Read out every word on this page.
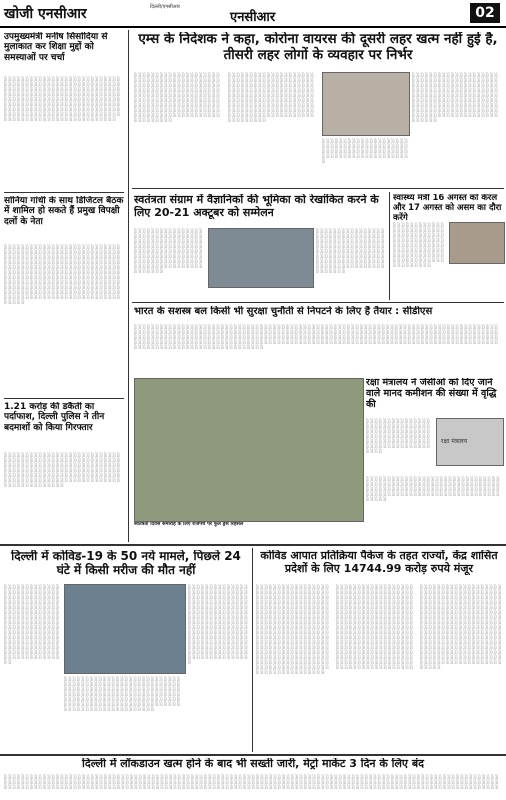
खोजी एनसीआर	दिल्ली/एनसीआर
एनसीआर	02
उपमुख्यमंत्री मनीष सिसोदिया से मुलाकात कर शिक्षा मुद्दों को समस्याओं पर चर्चा
░ ░ ░ ░ ░ ░ ░ ░ ░ ░ ░ ░ ░ ░ ░ ░ ░ ░ ░ ░ ░ ░ ░ ░ ░ ░ ░ ░ ░ ░ ░ ░ ░ ░ ░ ░ ░ ░ ░ ░ ░ ░ ░ ░ ░ ░ ░ ░ ░ ░ ░ ░ ░ ░ ░ ░ ░ ░ ░ ░ ░ ░ ░ ░ ░ ░ ░ ░ ░ ░ ░ ░ ░ ░ ░ ░ ░ ░ ░ ░ ░ ░ ░ ░ ░ ░ ░ ░ ░ ░ ░ ░ ░ ░ ░ ░ ░ ░ ░ ░ ░ ░ ░ ░ ░ ░ ░ ░ ░ ░ ░ ░ ░ ░ ░ ░ ░ ░ ░ ░ ░ ░ ░ ░ ░ ░ ░ ░ ░ ░ ░ ░ ░ ░ ░ ░ ░ ░ ░ ░ ░ ░ ░ ░ ░ ░ ░ ░ ░ ░ ░ ░ ░ ░ ░ ░ ░ ░ ░ ░ ░ ░ ░ ░ ░ ░ ░ ░ ░ ░ ░ ░ ░ ░ ░ ░ ░ ░ ░ ░ ░ ░ ░ ░ ░ ░ ░ ░ ░ ░ ░ ░ ░ ░ ░ ░ ░ ░ ░ ░ ░ ░ ░ ░ ░ ░ ░ ░ ░ ░ ░ ░ ░ ░ ░ ░ ░ ░ ░ ░ ░ ░ ░ ░ ░ ░ ░ ░ ░ ░ ░ ░ ░ ░ ░ ░ ░ ░ ░ ░ ░ ░
सोनिया गांधी के साथ डिजिटल बैठक में शामिल हो सकते हैं प्रमुख विपक्षी दलों के नेता
░ ░ ░ ░ ░ ░ ░ ░ ░ ░ ░ ░ ░ ░ ░ ░ ░ ░ ░ ░ ░ ░ ░ ░ ░ ░ ░ ░ ░ ░ ░ ░ ░ ░ ░ ░ ░ ░ ░ ░ ░ ░ ░ ░ ░ ░ ░ ░ ░ ░ ░ ░ ░ ░ ░ ░ ░ ░ ░ ░ ░ ░ ░ ░ ░ ░ ░ ░ ░ ░ ░ ░ ░ ░ ░ ░ ░ ░ ░ ░ ░ ░ ░ ░ ░ ░ ░ ░ ░ ░ ░ ░ ░ ░ ░ ░ ░ ░ ░ ░ ░ ░ ░ ░ ░ ░ ░ ░ ░ ░ ░ ░ ░ ░ ░ ░ ░ ░ ░ ░ ░ ░ ░ ░ ░ ░ ░ ░ ░ ░ ░ ░ ░ ░ ░ ░ ░ ░ ░ ░ ░ ░ ░ ░ ░ ░ ░ ░ ░ ░ ░ ░ ░ ░ ░ ░ ░ ░ ░ ░ ░ ░ ░ ░ ░ ░ ░ ░ ░ ░ ░ ░ ░ ░ ░ ░ ░ ░ ░ ░ ░ ░ ░ ░ ░ ░ ░ ░ ░ ░ ░ ░ ░ ░ ░ ░ ░ ░ ░ ░ ░ ░ ░ ░ ░ ░ ░ ░ ░ ░ ░ ░ ░ ░ ░ ░ ░ ░ ░ ░ ░ ░ ░ ░ ░ ░ ░ ░ ░ ░ ░ ░ ░ ░ ░ ░ ░ ░ ░ ░ ░ ░ ░ ░ ░ ░ ░ ░ ░ ░ ░ ░ ░ ░ ░ ░ ░ ░ ░ ░ ░ ░ ░ ░ ░ ░ ░ ░ ░ ░ ░ ░ ░ ░ ░ ░ ░ ░ ░ ░ ░ ░ ░ ░ ░ ░ ░ ░ ░ ░ ░ ░ ░ ░ ░ ░ ░ ░ ░ ░ ░ ░
1.21 करोड़ की डकैती का पर्दाफाश, दिल्ली पुलिस ने तीन बदमाशों को किया गिरफ्तार
░ ░ ░ ░ ░ ░ ░ ░ ░ ░ ░ ░ ░ ░ ░ ░ ░ ░ ░ ░ ░ ░ ░ ░ ░ ░ ░ ░ ░ ░ ░ ░ ░ ░ ░ ░ ░ ░ ░ ░ ░ ░ ░ ░ ░ ░ ░ ░ ░ ░ ░ ░ ░ ░ ░ ░ ░ ░ ░ ░ ░ ░ ░ ░ ░ ░ ░ ░ ░ ░ ░ ░ ░ ░ ░ ░ ░ ░ ░ ░ ░ ░ ░ ░ ░ ░ ░ ░ ░ ░ ░ ░ ░ ░ ░ ░ ░ ░ ░ ░ ░ ░ ░ ░ ░ ░ ░ ░ ░ ░ ░ ░ ░ ░ ░ ░ ░ ░ ░ ░ ░ ░ ░ ░ ░ ░ ░ ░ ░ ░ ░ ░ ░ ░ ░ ░ ░ ░ ░ ░ ░ ░ ░ ░ ░ ░ ░ ░ ░ ░ ░ ░ ░ ░ ░ ░ ░ ░ ░ ░ ░ ░ ░ ░ ░ ░ ░ ░ ░ ░ ░ ░ ░ ░ ░ ░
एम्स के निदेशक ने कहा, कोरोना वायरस की दूसरी लहर खत्म नहीं हुई है, तीसरी लहर लोगों के व्यवहार पर निर्भर
░ ░ ░ ░ ░ ░ ░ ░ ░ ░ ░ ░ ░ ░ ░ ░ ░ ░ ░ ░ ░ ░ ░ ░ ░ ░ ░ ░ ░ ░ ░ ░ ░ ░ ░ ░ ░ ░ ░ ░ ░ ░ ░ ░ ░ ░ ░ ░ ░ ░ ░ ░ ░ ░ ░ ░ ░ ░ ░ ░ ░ ░ ░ ░ ░ ░ ░ ░ ░ ░ ░ ░ ░ ░ ░ ░ ░ ░ ░ ░ ░ ░ ░ ░ ░ ░ ░ ░ ░ ░ ░ ░ ░ ░ ░ ░ ░ ░ ░ ░ ░ ░ ░ ░ ░ ░ ░ ░ ░ ░ ░ ░ ░ ░ ░ ░ ░ ░ ░ ░ ░ ░ ░ ░ ░ ░ ░ ░ ░ ░ ░ ░ ░ ░ ░ ░ ░ ░ ░ ░ ░ ░ ░ ░ ░ ░ ░ ░ ░ ░ ░ ░ ░ ░ ░ ░ ░ ░ ░ ░ ░ ░ ░ ░ ░ ░ ░ ░ ░ ░ ░ ░ ░ ░ ░ ░ ░ ░ ░ ░ ░ ░ ░ ░ ░ ░ ░ ░ ░
░ ░ ░ ░ ░ ░ ░ ░ ░ ░ ░ ░ ░ ░ ░ ░ ░ ░ ░ ░ ░ ░ ░ ░ ░ ░ ░ ░ ░ ░ ░ ░ ░ ░ ░ ░ ░ ░ ░ ░ ░ ░ ░ ░ ░ ░ ░ ░ ░ ░ ░ ░ ░ ░ ░ ░ ░ ░ ░ ░ ░ ░ ░ ░ ░ ░ ░ ░ ░ ░ ░ ░ ░ ░ ░ ░ ░ ░ ░ ░ ░ ░ ░ ░ ░ ░ ░ ░ ░ ░ ░ ░ ░ ░ ░ ░ ░ ░ ░ ░ ░ ░ ░ ░ ░ ░ ░ ░ ░ ░ ░ ░ ░ ░ ░ ░ ░ ░ ░ ░ ░ ░ ░ ░ ░ ░ ░ ░ ░ ░ ░ ░ ░ ░ ░ ░ ░ ░ ░ ░ ░ ░ ░ ░ ░ ░ ░ ░ ░ ░ ░ ░ ░ ░ ░ ░ ░ ░ ░ ░ ░ ░ ░ ░ ░ ░ ░ ░ ░ ░ ░ ░ ░ ░ ░ ░ ░ ░ ░ ░ ░ ░ ░ ░ ░ ░ ░ ░ ░
░ ░ ░ ░ ░ ░ ░ ░ ░ ░ ░ ░ ░ ░ ░ ░ ░ ░ ░ ░ ░ ░ ░ ░ ░ ░ ░ ░ ░ ░ ░ ░ ░ ░ ░ ░ ░ ░ ░ ░ ░ ░ ░ ░ ░ ░ ░ ░ ░ ░ ░ ░ ░ ░ ░ ░ ░ ░ ░ ░ ░ ░ ░ ░ ░ ░ ░ ░ ░ ░ ░ ░ ░ ░ ░ ░ ░ ░ ░ ░ ░
░ ░ ░ ░ ░ ░ ░ ░ ░ ░ ░ ░ ░ ░ ░ ░ ░ ░ ░ ░ ░ ░ ░ ░ ░ ░ ░ ░ ░ ░ ░ ░ ░ ░ ░ ░ ░ ░ ░ ░ ░ ░ ░ ░ ░ ░ ░ ░ ░ ░ ░ ░ ░ ░ ░ ░ ░ ░ ░ ░ ░ ░ ░ ░ ░ ░ ░ ░ ░ ░ ░ ░ ░ ░ ░ ░ ░ ░ ░ ░ ░ ░ ░ ░ ░ ░ ░ ░ ░ ░ ░ ░ ░ ░ ░ ░ ░ ░ ░ ░ ░ ░ ░ ░ ░ ░ ░ ░ ░ ░ ░ ░ ░ ░ ░ ░ ░ ░ ░ ░ ░ ░ ░ ░ ░ ░ ░ ░ ░ ░ ░ ░ ░ ░ ░ ░ ░ ░ ░ ░ ░ ░ ░ ░ ░ ░ ░ ░ ░ ░ ░ ░ ░ ░ ░ ░ ░ ░ ░ ░ ░ ░ ░ ░ ░ ░ ░ ░ ░ ░ ░ ░ ░ ░ ░ ░ ░ ░ ░ ░ ░ ░ ░ ░ ░ ░
स्वतंत्रता संग्राम में वैज्ञानिकों की भूमिका को रेखांकित करने के लिए 20-21 अक्टूबर को सम्मेलन
░ ░ ░ ░ ░ ░ ░ ░ ░ ░ ░ ░ ░ ░ ░ ░ ░ ░ ░ ░ ░ ░ ░ ░ ░ ░ ░ ░ ░ ░ ░ ░ ░ ░ ░ ░ ░ ░ ░ ░ ░ ░ ░ ░ ░ ░ ░ ░ ░ ░ ░ ░ ░ ░ ░ ░ ░ ░ ░ ░ ░ ░ ░ ░ ░ ░ ░ ░ ░ ░ ░ ░ ░ ░ ░ ░ ░ ░ ░ ░ ░ ░ ░ ░ ░ ░ ░ ░ ░ ░ ░ ░ ░ ░ ░ ░ ░ ░ ░ ░ ░ ░ ░ ░ ░ ░ ░ ░ ░ ░ ░ ░ ░ ░ ░ ░ ░ ░ ░ ░ ░ ░ ░ ░ ░ ░ ░ ░ ░ ░ ░ ░ ░ ░ ░
░ ░ ░ ░ ░ ░ ░ ░ ░ ░ ░ ░ ░ ░ ░ ░ ░ ░ ░ ░ ░ ░ ░ ░ ░ ░ ░ ░ ░ ░ ░ ░ ░ ░ ░ ░ ░ ░ ░ ░ ░ ░ ░ ░ ░ ░ ░ ░ ░ ░ ░ ░ ░ ░ ░ ░ ░ ░ ░ ░ ░ ░ ░ ░ ░ ░ ░ ░ ░ ░ ░ ░ ░ ░ ░ ░ ░ ░ ░ ░ ░ ░ ░ ░ ░ ░ ░ ░ ░ ░ ░ ░ ░ ░ ░ ░ ░ ░ ░ ░ ░ ░ ░ ░ ░ ░ ░ ░ ░ ░ ░ ░ ░ ░ ░ ░ ░ ░ ░ ░ ░ ░ ░ ░ ░ ░ ░ ░ ░ ░ ░ ░ ░ ░ ░
स्वास्थ्य मंत्री 16 अगस्त को केरल और 17 अगस्त को असम का दौरा करेंगे
░ ░ ░ ░ ░ ░ ░ ░ ░ ░ ░ ░ ░ ░ ░ ░ ░ ░ ░ ░ ░ ░ ░ ░ ░ ░ ░ ░ ░ ░ ░ ░ ░ ░ ░ ░ ░ ░ ░ ░ ░ ░ ░ ░ ░ ░ ░ ░ ░ ░ ░ ░ ░ ░ ░ ░ ░ ░ ░ ░ ░ ░ ░ ░ ░ ░ ░ ░ ░ ░ ░ ░ ░ ░ ░ ░ ░ ░ ░ ░ ░ ░ ░ ░ ░ ░ ░ ░ ░ ░ ░ ░ ░ ░ ░ ░ ░ ░ ░ ░ ░ ░ ░ ░ ░
भारत के सशस्त्र बल किसी भी सुरक्षा चुनौती से निपटने के लिए हैं तैयार : सीडीएस
░ ░ ░ ░ ░ ░ ░ ░ ░ ░ ░ ░ ░ ░ ░ ░ ░ ░ ░ ░ ░ ░ ░ ░ ░ ░ ░ ░ ░ ░ ░ ░ ░ ░ ░ ░ ░ ░ ░ ░ ░ ░ ░ ░ ░ ░ ░ ░ ░ ░ ░ ░ ░ ░ ░ ░ ░ ░ ░ ░ ░ ░ ░ ░ ░ ░ ░ ░ ░ ░ ░ ░ ░ ░ ░ ░ ░ ░ ░ ░ ░ ░ ░ ░ ░ ░ ░ ░ ░ ░ ░ ░ ░ ░ ░ ░ ░ ░ ░ ░ ░ ░ ░ ░ ░ ░ ░ ░ ░ ░ ░ ░ ░ ░ ░ ░ ░ ░ ░ ░ ░ ░ ░ ░ ░ ░ ░ ░ ░ ░ ░ ░ ░ ░ ░ ░ ░ ░ ░ ░ ░ ░ ░ ░ ░ ░ ░ ░ ░ ░ ░ ░ ░ ░ ░ ░ ░ ░ ░ ░ ░ ░ ░ ░ ░ ░ ░ ░ ░ ░ ░ ░ ░ ░ ░ ░ ░ ░ ░ ░ ░ ░ ░ ░ ░ ░ ░ ░ ░ ░ ░ ░ ░ ░ ░ ░ ░ ░ ░ ░ ░ ░ ░ ░ ░ ░ ░ ░ ░ ░ ░ ░ ░ ░ ░ ░ ░ ░ ░ ░ ░ ░ ░ ░ ░ ░ ░ ░ ░ ░ ░ ░ ░ ░ ░ ░ ░ ░ ░ ░ ░ ░ ░ ░ ░ ░ ░ ░ ░ ░ ░ ░ ░ ░ ░ ░ ░ ░ ░ ░ ░ ░ ░ ░ ░ ░ ░ ░ ░ ░ ░ ░ ░ ░ ░ ░ ░ ░ ░ ░ ░ ░ ░ ░ ░ ░ ░ ░ ░ ░ ░ ░ ░ ░ ░ ░ ░ ░ ░ ░ ░ ░ ░ ░ ░ ░ ░ ░ ░ ░ ░ ░ ░ ░ ░ ░ ░ ░ ░ ░ ░ ░ ░ ░ ░ ░ ░ ░ ░ ░ ░ ░ ░ ░ ░ ░ ░ ░ ░ ░ ░ ░ ░ ░ ░ ░ ░ ░ ░ ░ ░ ░ ░ ░ ░ ░ ░ ░ ░ ░ ░ ░ ░ ░ ░ ░
स्वतंत्रता दिवस समारोह के लिए राजपथ पर फुल ड्रेस रिहर्सल
रक्षा मंत्रालय ने जेसीओ को दिए जाने वाले मानद कमीशन की संख्या में वृद्धि की
░ ░ ░ ░ ░ ░ ░ ░ ░ ░ ░ ░ ░ ░ ░ ░ ░ ░ ░ ░ ░ ░ ░ ░ ░ ░ ░ ░ ░ ░ ░ ░ ░ ░ ░ ░ ░ ░ ░ ░ ░ ░ ░ ░ ░ ░ ░ ░ ░ ░ ░ ░ ░ ░ ░ ░ ░ ░ ░ ░ ░ ░ ░ ░ ░ ░ ░ ░ ░ ░ ░ ░ ░ ░ ░ ░ ░ ░ ░ ░ ░ ░ ░ ░ ░ ░ ░ ░ ░ ░ ░ ░ ░ ░
रक्षा मंत्रालय
░ ░ ░ ░ ░ ░ ░ ░ ░ ░ ░ ░ ░ ░ ░ ░ ░ ░ ░ ░ ░ ░ ░ ░ ░ ░ ░ ░ ░ ░ ░ ░ ░ ░ ░ ░ ░ ░ ░ ░ ░ ░ ░ ░ ░ ░ ░ ░ ░ ░ ░ ░ ░ ░ ░ ░ ░ ░ ░ ░ ░ ░ ░ ░ ░ ░ ░ ░ ░ ░ ░ ░ ░ ░ ░ ░ ░ ░ ░ ░ ░ ░ ░ ░ ░ ░ ░ ░ ░ ░ ░ ░ ░ ░ ░ ░ ░ ░ ░ ░ ░ ░ ░ ░ ░ ░ ░ ░ ░ ░ ░ ░ ░ ░ ░ ░ ░ ░ ░ ░ ░ ░ ░ ░ ░ ░ ░ ░ ░
दिल्ली में कोविड-19 के 50 नये मामले, पिछले 24 घंटे में किसी मरीज की मौत नहीं
░ ░ ░ ░ ░ ░ ░ ░ ░ ░ ░ ░ ░ ░ ░ ░ ░ ░ ░ ░ ░ ░ ░ ░ ░ ░ ░ ░ ░ ░ ░ ░ ░ ░ ░ ░ ░ ░ ░ ░ ░ ░ ░ ░ ░ ░ ░ ░ ░ ░ ░ ░ ░ ░ ░ ░ ░ ░ ░ ░ ░ ░ ░ ░ ░ ░ ░ ░ ░ ░ ░ ░ ░ ░ ░ ░ ░ ░ ░ ░ ░ ░ ░ ░ ░ ░ ░ ░ ░ ░ ░ ░ ░ ░ ░ ░ ░ ░ ░ ░ ░ ░ ░ ░ ░ ░ ░ ░ ░ ░ ░ ░ ░ ░ ░ ░ ░ ░ ░ ░ ░ ░ ░ ░ ░ ░ ░ ░ ░ ░ ░ ░ ░ ░ ░ ░ ░ ░ ░ ░ ░ ░ ░ ░ ░ ░ ░ ░ ░ ░ ░ ░ ░ ░ ░ ░ ░ ░ ░ ░ ░ ░ ░ ░ ░ ░ ░ ░ ░ ░ ░ ░ ░ ░ ░ ░ ░ ░ ░ ░ ░ ░ ░ ░ ░ ░ ░ ░ ░ ░ ░ ░ ░ ░ ░ ░ ░
░ ░ ░ ░ ░ ░ ░ ░ ░ ░ ░ ░ ░ ░ ░ ░ ░ ░ ░ ░ ░ ░ ░ ░ ░ ░ ░ ░ ░ ░ ░ ░ ░ ░ ░ ░ ░ ░ ░ ░ ░ ░ ░ ░ ░ ░ ░ ░ ░ ░ ░ ░ ░ ░ ░ ░ ░ ░ ░ ░ ░ ░ ░ ░ ░ ░ ░ ░ ░ ░ ░ ░ ░ ░ ░ ░ ░ ░ ░ ░ ░ ░ ░ ░ ░ ░ ░ ░ ░ ░ ░ ░ ░ ░ ░ ░ ░ ░ ░ ░ ░ ░ ░ ░ ░ ░ ░ ░ ░ ░ ░ ░ ░ ░ ░ ░ ░ ░ ░ ░ ░ ░ ░ ░ ░ ░ ░ ░ ░ ░ ░ ░ ░ ░ ░ ░ ░ ░ ░ ░ ░ ░ ░ ░ ░ ░ ░ ░ ░ ░ ░ ░ ░ ░ ░ ░ ░ ░ ░ ░ ░ ░ ░ ░ ░ ░ ░ ░ ░ ░ ░ ░ ░ ░ ░ ░ ░ ░ ░ ░ ░ ░ ░
░ ░ ░ ░ ░ ░ ░ ░ ░ ░ ░ ░ ░ ░ ░ ░ ░ ░ ░ ░ ░ ░ ░ ░ ░ ░ ░ ░ ░ ░ ░ ░ ░ ░ ░ ░ ░ ░ ░ ░ ░ ░ ░ ░ ░ ░ ░ ░ ░ ░ ░ ░ ░ ░ ░ ░ ░ ░ ░ ░ ░ ░ ░ ░ ░ ░ ░ ░ ░ ░ ░ ░ ░ ░ ░ ░ ░ ░ ░ ░ ░ ░ ░ ░ ░ ░ ░ ░ ░ ░ ░ ░ ░ ░ ░ ░ ░ ░ ░ ░ ░ ░ ░ ░ ░ ░ ░ ░ ░ ░ ░ ░ ░ ░ ░ ░ ░ ░ ░ ░ ░ ░ ░ ░ ░ ░ ░ ░ ░ ░ ░ ░ ░ ░ ░ ░ ░ ░ ░ ░ ░ ░ ░ ░ ░ ░ ░ ░ ░ ░ ░ ░ ░ ░ ░ ░ ░ ░ ░ ░ ░ ░ ░ ░ ░ ░ ░ ░ ░ ░ ░ ░ ░ ░ ░ ░ ░ ░ ░ ░ ░ ░ ░ ░ ░ ░ ░ ░ ░ ░ ░ ░ ░ ░ ░ ░ ░ ░ ░ ░ ░ ░ ░ ░ ░ ░ ░ ░ ░ ░ ░
कोविड आपात प्रतिक्रिया पैकेज के तहत राज्यों, केंद्र शासित प्रदेशों के लिए 14744.99 करोड़ रुपये मंजूर
░ ░ ░ ░ ░ ░ ░ ░ ░ ░ ░ ░ ░ ░ ░ ░ ░ ░ ░ ░ ░ ░ ░ ░ ░ ░ ░ ░ ░ ░ ░ ░ ░ ░ ░ ░ ░ ░ ░ ░ ░ ░ ░ ░ ░ ░ ░ ░ ░ ░ ░ ░ ░ ░ ░ ░ ░ ░ ░ ░ ░ ░ ░ ░ ░ ░ ░ ░ ░ ░ ░ ░ ░ ░ ░ ░ ░ ░ ░ ░ ░ ░ ░ ░ ░ ░ ░ ░ ░ ░ ░ ░ ░ ░ ░ ░ ░ ░ ░ ░ ░ ░ ░ ░ ░ ░ ░ ░ ░ ░ ░ ░ ░ ░ ░ ░ ░ ░ ░ ░ ░ ░ ░ ░ ░ ░ ░ ░ ░ ░ ░ ░ ░ ░ ░ ░ ░ ░ ░ ░ ░ ░ ░ ░ ░ ░ ░ ░ ░ ░ ░ ░ ░ ░ ░ ░ ░ ░ ░ ░ ░ ░ ░ ░ ░ ░ ░ ░ ░ ░ ░ ░ ░ ░ ░ ░ ░ ░ ░ ░ ░ ░ ░ ░ ░ ░ ░ ░ ░ ░ ░ ░ ░ ░ ░ ░ ░ ░ ░ ░ ░ ░ ░ ░ ░ ░ ░ ░ ░ ░ ░ ░ ░ ░ ░ ░ ░ ░ ░ ░ ░ ░ ░ ░ ░ ░ ░ ░ ░ ░ ░ ░ ░ ░ ░ ░ ░ ░ ░ ░ ░ ░ ░ ░ ░ ░ ░ ░ ░ ░ ░ ░ ░ ░ ░ ░ ░ ░ ░ ░ ░ ░ ░ ░ ░ ░ ░ ░ ░ ░ ░ ░ ░ ░ ░ ░ ░ ░ ░ ░ ░ ░ ░ ░ ░ ░ ░ ░ ░ ░ ░ ░ ░ ░ ░ ░ ░ ░ ░ ░ ░ ░ ░ ░ ░
░ ░ ░ ░ ░ ░ ░ ░ ░ ░ ░ ░ ░ ░ ░ ░ ░ ░ ░ ░ ░ ░ ░ ░ ░ ░ ░ ░ ░ ░ ░ ░ ░ ░ ░ ░ ░ ░ ░ ░ ░ ░ ░ ░ ░ ░ ░ ░ ░ ░ ░ ░ ░ ░ ░ ░ ░ ░ ░ ░ ░ ░ ░ ░ ░ ░ ░ ░ ░ ░ ░ ░ ░ ░ ░ ░ ░ ░ ░ ░ ░ ░ ░ ░ ░ ░ ░ ░ ░ ░ ░ ░ ░ ░ ░ ░ ░ ░ ░ ░ ░ ░ ░ ░ ░ ░ ░ ░ ░ ░ ░ ░ ░ ░ ░ ░ ░ ░ ░ ░ ░ ░ ░ ░ ░ ░ ░ ░ ░ ░ ░ ░ ░ ░ ░ ░ ░ ░ ░ ░ ░ ░ ░ ░ ░ ░ ░ ░ ░ ░ ░ ░ ░ ░ ░ ░ ░ ░ ░ ░ ░ ░ ░ ░ ░ ░ ░ ░ ░ ░ ░ ░ ░ ░ ░ ░ ░ ░ ░ ░ ░ ░ ░ ░ ░ ░ ░ ░ ░ ░ ░ ░ ░ ░ ░ ░ ░ ░ ░ ░ ░ ░ ░ ░ ░ ░ ░ ░ ░ ░ ░ ░ ░ ░ ░ ░ ░ ░ ░ ░ ░ ░ ░ ░ ░ ░ ░ ░ ░ ░ ░ ░ ░ ░ ░ ░ ░ ░ ░ ░ ░ ░ ░ ░ ░ ░ ░ ░ ░ ░ ░ ░ ░ ░ ░ ░ ░ ░ ░ ░ ░ ░ ░ ░ ░ ░ ░ ░ ░ ░ ░ ░ ░ ░ ░ ░ ░ ░ ░ ░ ░ ░ ░ ░ ░ ░ ░ ░ ░ ░ ░ ░ ░ ░ ░ ░ ░ ░ ░ ░ ░ ░ ░ ░ ░ ░
░ ░ ░ ░ ░ ░ ░ ░ ░ ░ ░ ░ ░ ░ ░ ░ ░ ░ ░ ░ ░ ░ ░ ░ ░ ░ ░ ░ ░ ░ ░ ░ ░ ░ ░ ░ ░ ░ ░ ░ ░ ░ ░ ░ ░ ░ ░ ░ ░ ░ ░ ░ ░ ░ ░ ░ ░ ░ ░ ░ ░ ░ ░ ░ ░ ░ ░ ░ ░ ░ ░ ░ ░ ░ ░ ░ ░ ░ ░ ░ ░ ░ ░ ░ ░ ░ ░ ░ ░ ░ ░ ░ ░ ░ ░ ░ ░ ░ ░ ░ ░ ░ ░ ░ ░ ░ ░ ░ ░ ░ ░ ░ ░ ░ ░ ░ ░ ░ ░ ░ ░ ░ ░ ░ ░ ░ ░ ░ ░ ░ ░ ░ ░ ░ ░ ░ ░ ░ ░ ░ ░ ░ ░ ░ ░ ░ ░ ░ ░ ░ ░ ░ ░ ░ ░ ░ ░ ░ ░ ░ ░ ░ ░ ░ ░ ░ ░ ░ ░ ░ ░ ░ ░ ░ ░ ░ ░ ░ ░ ░ ░ ░ ░ ░ ░ ░ ░ ░ ░ ░ ░ ░ ░ ░ ░ ░ ░ ░ ░ ░ ░ ░ ░ ░ ░ ░ ░ ░ ░ ░ ░ ░ ░ ░ ░ ░ ░ ░ ░ ░ ░ ░ ░ ░ ░ ░ ░ ░ ░ ░ ░ ░ ░ ░ ░ ░ ░ ░ ░ ░ ░ ░ ░ ░ ░ ░ ░ ░ ░ ░ ░ ░ ░ ░ ░ ░ ░ ░ ░ ░ ░ ░ ░ ░ ░ ░ ░ ░ ░ ░ ░ ░ ░ ░ ░ ░ ░ ░ ░ ░ ░ ░ ░ ░ ░ ░ ░ ░ ░ ░ ░ ░ ░ ░ ░ ░ ░ ░ ░ ░ ░ ░ ░ ░ ░ ░ ░ ░ ░
दिल्ली में लॉकडाउन खत्म होने के बाद भी सख्ती जारी, मेट्रो मार्केट 3 दिन के लिए बंद
░ ░ ░ ░ ░ ░ ░ ░ ░ ░ ░ ░ ░ ░ ░ ░ ░ ░ ░ ░ ░ ░ ░ ░ ░ ░ ░ ░ ░ ░ ░ ░ ░ ░ ░ ░ ░ ░ ░ ░ ░ ░ ░ ░ ░ ░ ░ ░ ░ ░ ░ ░ ░ ░ ░ ░ ░ ░ ░ ░ ░ ░ ░ ░ ░ ░ ░ ░ ░ ░ ░ ░ ░ ░ ░ ░ ░ ░ ░ ░ ░ ░ ░ ░ ░ ░ ░ ░ ░ ░ ░ ░ ░ ░ ░ ░ ░ ░ ░ ░ ░ ░ ░ ░ ░ ░ ░ ░ ░ ░ ░ ░ ░ ░ ░ ░ ░ ░ ░ ░ ░ ░ ░ ░ ░ ░ ░ ░ ░ ░ ░ ░ ░ ░ ░ ░ ░ ░ ░ ░ ░ ░ ░ ░ ░ ░ ░ ░ ░ ░ ░ ░ ░ ░ ░ ░ ░ ░ ░ ░ ░ ░ ░ ░ ░ ░ ░ ░ ░ ░ ░ ░ ░ ░ ░ ░ ░ ░ ░ ░ ░ ░ ░ ░ ░ ░ ░ ░ ░ ░ ░ ░ ░ ░ ░ ░ ░ ░ ░ ░ ░ ░ ░ ░ ░ ░ ░ ░ ░ ░ ░ ░ ░ ░ ░ ░ ░ ░ ░ ░ ░ ░ ░ ░ ░ ░ ░ ░ ░ ░ ░ ░ ░ ░ ░ ░ ░ ░ ░ ░ ░ ░ ░ ░ ░ ░ ░ ░ ░ ░ ░ ░ ░ ░ ░ ░ ░ ░ ░ ░ ░ ░ ░ ░ ░ ░ ░ ░ ░ ░ ░ ░ ░ ░ ░ ░ ░ ░ ░ ░ ░ ░ ░ ░ ░ ░ ░ ░ ░ ░ ░ ░ ░ ░ ░ ░ ░ ░ ░ ░ ░ ░ ░ ░ ░ ░ ░ ░ ░ ░ ░ ░ ░ ░ ░ ░ ░ ░ ░ ░ ░ ░ ░ ░ ░ ░ ░ ░ ░ ░ ░ ░ ░ ░ ░ ░ ░ ░ ░ ░ ░ ░
